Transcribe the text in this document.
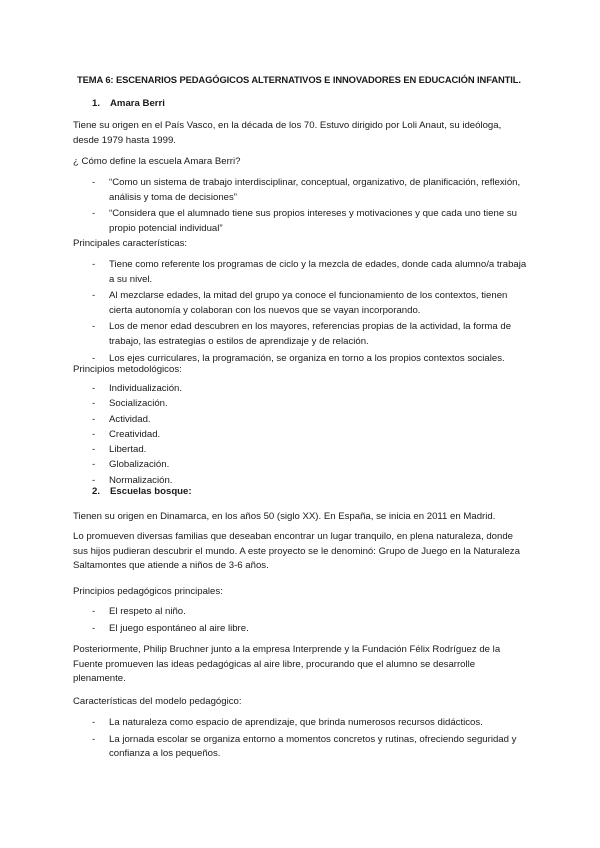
TEMA 6: ESCENARIOS PEDAGÓGICOS ALTERNATIVOS E INNOVADORES EN EDUCACIÓN INFANTIL.
1. Amara Berri
Tiene su origen en el País Vasco, en la década de los 70. Estuvo dirigido por Loli Anaut, su ideóloga, desde 1979 hasta 1999.
¿ Cómo define la escuela Amara Berri?
- “Como un sistema de trabajo interdisciplinar, conceptual, organizativo, de planificación, reflexión, análisis y toma de decisiones”
- “Considera que el alumnado tiene sus propios intereses y motivaciones y que cada uno tiene su propio potencial individual”
Principales características:
- Tiene como referente los programas de ciclo y la mezcla de edades, donde cada alumno/a trabaja a su nivel.
- Al mezclarse edades, la mitad del grupo ya conoce el funcionamiento de los contextos, tienen cierta autonomía y colaboran con los nuevos que se vayan incorporando.
- Los de menor edad descubren en los mayores, referencias propias de la actividad, la forma de trabajo, las estrategias o estilos de aprendizaje y de relación.
- Los ejes curriculares, la programación, se organiza en torno a los propios contextos sociales.
Principios metodológicos:
- Individualización.
- Socialización.
- Actividad.
- Creatividad.
- Libertad.
- Globalización.
- Normalización.
2. Escuelas bosque:
Tienen su origen en Dinamarca, en los años 50 (siglo XX). En España, se inicia en 2011 en Madrid.
Lo promueven diversas familias que deseaban encontrar un lugar tranquilo, en plena naturaleza, donde sus hijos pudieran descubrir el mundo. A este proyecto se le denominó: Grupo de Juego en la Naturaleza Saltamontes que atiende a niños de 3-6 años.
Principios pedagógicos principales:
- El respeto al niño.
- El juego espontáneo al aire libre.
Posteriormente, Philip Bruchner junto a la empresa Interprende y la Fundación Félix Rodríguez de la Fuente promueven las ideas pedagógicas al aire libre, procurando que el alumno se desarrolle plenamente.
Características del modelo pedagógico:
- La naturaleza como espacio de aprendizaje, que brinda numerosos recursos didácticos.
- La jornada escolar se organiza entorno a momentos concretos y rutinas, ofreciendo seguridad y confianza a los pequeños.
